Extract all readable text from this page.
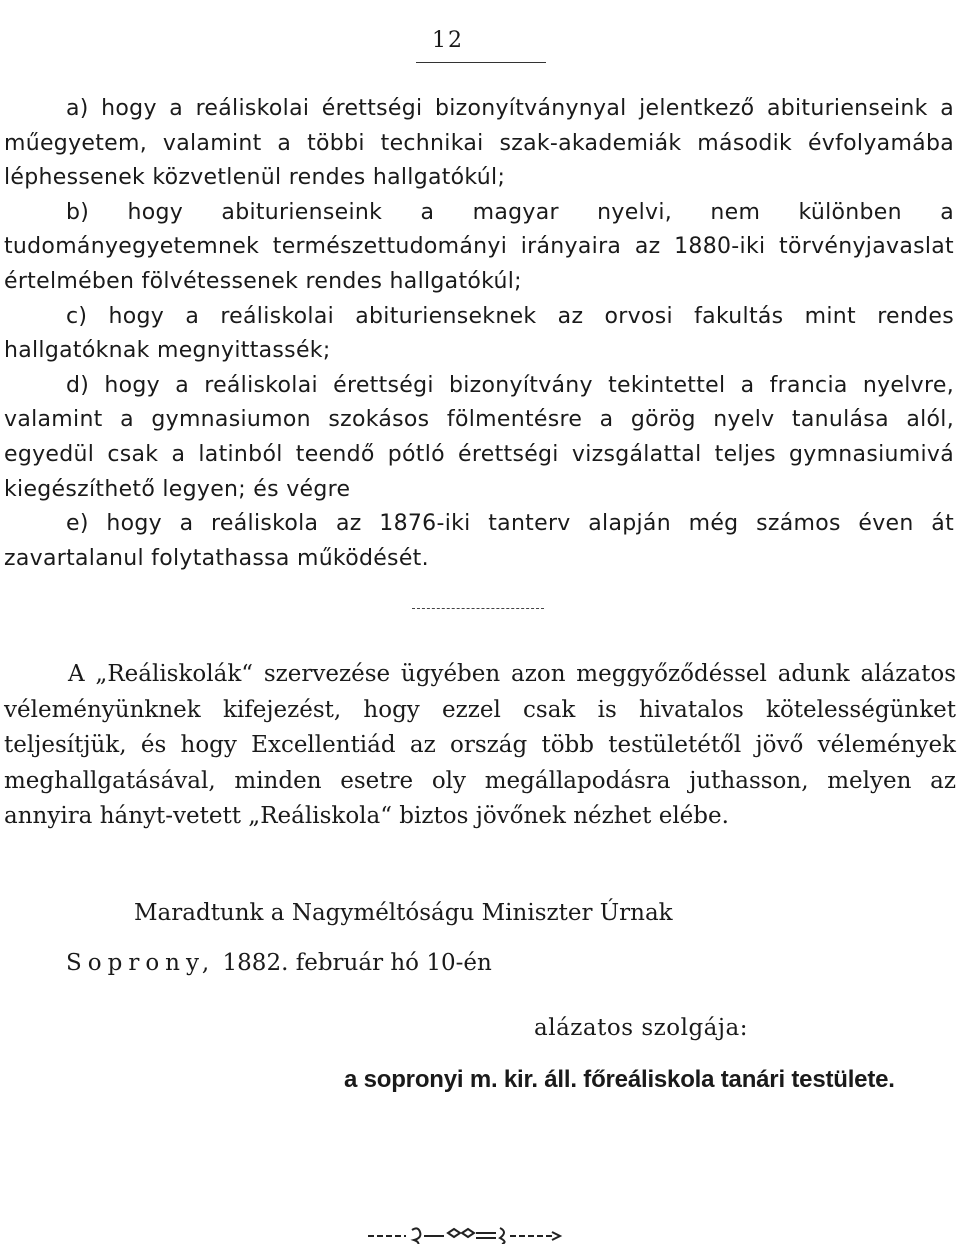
12

a) hogy a reáliskolai érettségi bizonyítványnyal jelentkező abiturienseink a műegyetem, valamint a többi technikai szak-akademiák második évfolyamába léphessenek közvetlenül rendes hallgatókúl;

b) hogy abiturienseink a magyar nyelvi, nem különben a tudományegyetemnek természettudományi irányaira az 1880-iki törvényjavaslat értelmében fölvétessenek rendes hallgatókúl;

c) hogy a reáliskolai abiturienseknek az orvosi fakultás mint rendes hallgatóknak megnyittassék;

d) hogy a reáliskolai érettségi bizonyítvány tekintettel a francia nyelvre, valamint a gymnasiumon szokásos fölmentésre a görög nyelv tanulása alól, egyedül csak a latinból teendő pótló érettségi vizsgálattal teljes gymnasiumivá kiegészíthető legyen; és végre

e) hogy a reáliskola az 1876-iki tanterv alapján még számos éven át zavartalanul folytathassa működését.

A „Reáliskolák“ szervezése ügyében azon meggyőződéssel adunk alázatos véleményünknek kifejezést, hogy ezzel csak is hivatalos kötelességünket teljesítjük, és hogy Excellentiád az ország több testületétől jövő vélemények meghallgatásával, minden esetre oly megállapodásra juthasson, melyen az annyira hányt-vetett „Reáliskola“ biztos jövőnek nézhet elébe.

Maradtunk a Nagyméltóságu Miniszter Úrnak
Soprony, 1882. február hó 10-én
alázatos szolgája:
a sopronyi m. kir. áll. főreáliskola tanári testülete.
